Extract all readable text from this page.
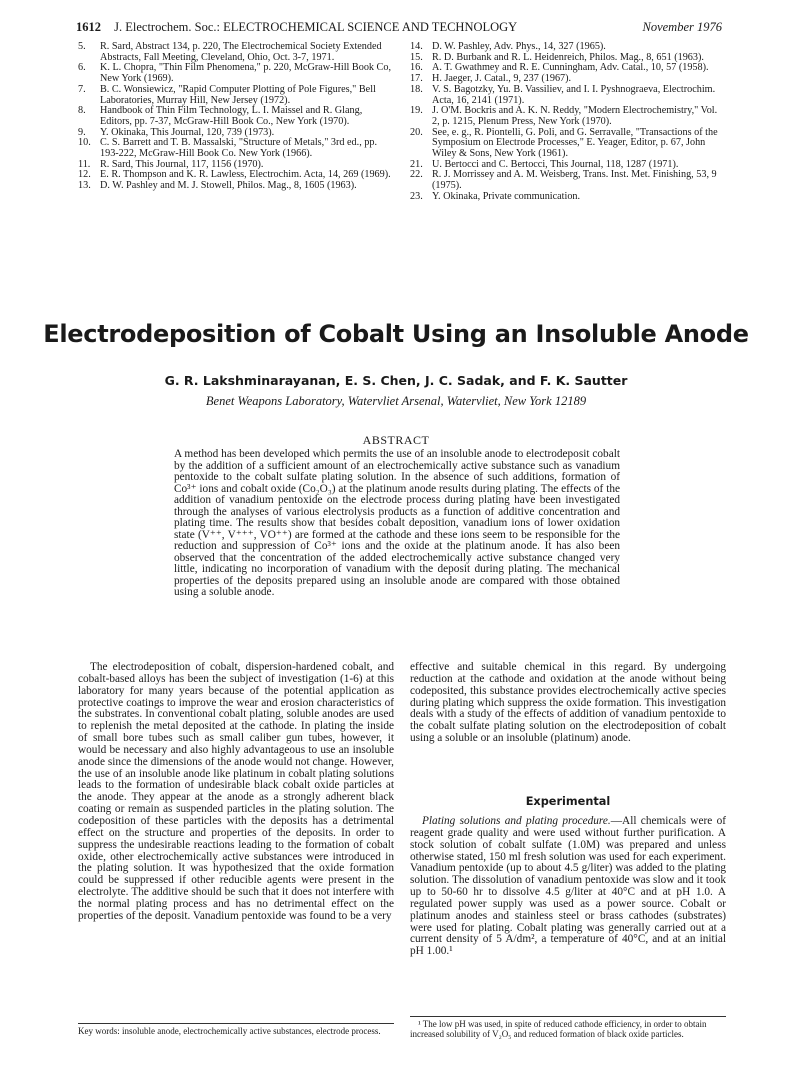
1612 J. Electrochem. Soc.: ELECTROCHEMICAL SCIENCE AND TECHNOLOGY	November 1976

5. R. Sard, Abstract 134, p. 220, The Electrochemical Society Extended Abstracts, Fall Meeting, Cleveland, Ohio, Oct. 3-7, 1971.

6. K. L. Chopra, "Thin Film Phenomena," p. 220, McGraw-Hill Book Co, New York (1969).

7. B. C. Wonsiewicz, "Rapid Computer Plotting of Pole Figures," Bell Laboratories, Murray Hill, New Jersey (1972).

8. Handbook of Thin Film Technology, L. I. Maissel and R. Glang, Editors, pp. 7-37, McGraw-Hill Book Co., New York (1970).

9. Y. Okinaka, This Journal, 120, 739 (1973).

10. C. S. Barrett and T. B. Massalski, "Structure of Metals," 3rd ed., pp. 193-222, McGraw-Hill Book Co. New York (1966).

11. R. Sard, This Journal, 117, 1156 (1970).

12. E. R. Thompson and K. R. Lawless, Electrochim. Acta, 14, 269 (1969).

13. D. W. Pashley and M. J. Stowell, Philos. Mag., 8, 1605 (1963).

14. D. W. Pashley, Adv. Phys., 14, 327 (1965).

15. R. D. Burbank and R. L. Heidenreich, Philos. Mag., 8, 651 (1963).

16. A. T. Gwathmey and R. E. Cunningham, Adv. Catal., 10, 57 (1958).

17. H. Jaeger, J. Catal., 9, 237 (1967).

18. V. S. Bagotzky, Yu. B. Vassiliev, and I. I. Pyshnograeva, Electrochim. Acta, 16, 2141 (1971).

19. J. O'M. Bockris and A. K. N. Reddy, "Modern Electrochemistry," Vol. 2, p. 1215, Plenum Press, New York (1970).

20. See, e. g., R. Piontelli, G. Poli, and G. Serravalle, "Transactions of the Symposium on Electrode Processes," E. Yeager, Editor, p. 67, John Wiley & Sons, New York (1961).

21. U. Bertocci and C. Bertocci, This Journal, 118, 1287 (1971).

22. R. J. Morrissey and A. M. Weisberg, Trans. Inst. Met. Finishing, 53, 9 (1975).

23. Y. Okinaka, Private communication.

Electrodeposition of Cobalt Using an Insoluble Anode
G. R. Lakshminarayanan, E. S. Chen, J. C. Sadak, and F. K. Sautter
Benet Weapons Laboratory, Watervliet Arsenal, Watervliet, New York 12189
ABSTRACT
A method has been developed which permits the use of an insoluble anode to electrodeposit cobalt by the addition of a sufficient amount of an electrochemically active substance such as vanadium pentoxide to the cobalt sulfate plating solution. In the absence of such additions, formation of Co³⁺ ions and cobalt oxide (Co₂O₃) at the platinum anode results during plating. The effects of the addition of vanadium pentoxide on the electrode process during plating have been investigated through the analyses of various electrolysis products as a function of additive concentration and plating time. The results show that besides cobalt deposition, vanadium ions of lower oxidation state (V⁺⁺, V⁺⁺⁺, VO⁺⁺) are formed at the cathode and these ions seem to be responsible for the reduction and suppression of Co³⁺ ions and the oxide at the platinum anode. It has also been observed that the concentration of the added electrochemically active substance changed very little, indicating no incorporation of vanadium with the deposit during plating. The mechanical properties of the deposits prepared using an insoluble anode are compared with those obtained using a soluble anode.

The electrodeposition of cobalt, dispersion-hardened cobalt, and cobalt-based alloys has been the subject of investigation (1-6) at this laboratory for many years because of the potential application as protective coatings to improve the wear and erosion characteristics of the substrates. In conventional cobalt plating, soluble anodes are used to replenish the metal deposited at the cathode. In plating the inside of small bore tubes such as small caliber gun tubes, however, it would be necessary and also highly advantageous to use an insoluble anode since the dimensions of the anode would not change. However, the use of an insoluble anode like platinum in cobalt plating solutions leads to the formation of undesirable black cobalt oxide particles at the anode. They appear at the anode as a strongly adherent black coating or remain as suspended particles in the plating solution. The codeposition of these particles with the deposits has a detrimental effect on the structure and properties of the deposits. In order to suppress the undesirable reactions leading to the formation of cobalt oxide, other electrochemically active substances were introduced in the plating solution. It was hypothesized that the oxide formation could be suppressed if other reducible agents were present in the electrolyte. The additive should be such that it does not interfere with the normal plating process and has no detrimental effect on the properties of the deposit. Vanadium pentoxide was found to be a very

Key words: insoluble anode, electrochemically active substances, electrode process.

effective and suitable chemical in this regard. By undergoing reduction at the cathode and oxidation at the anode without being codeposited, this substance provides electrochemically active species during plating which suppress the oxide formation. This investigation deals with a study of the effects of addition of vanadium pentoxide to the cobalt sulfate plating solution on the electrodeposition of cobalt using a soluble or an insoluble (platinum) anode.

Experimental

Plating solutions and plating procedure.—All chemicals were of reagent grade quality and were used without further purification. A stock solution of cobalt sulfate (1.0M) was prepared and unless otherwise stated, 150 ml fresh solution was used for each experiment. Vanadium pentoxide (up to about 4.5 g/liter) was added to the plating solution. The dissolution of vanadium pentoxide was slow and it took up to 50-60 hr to dissolve 4.5 g/liter at 40°C and at pH 1.0. A regulated power supply was used as a power source. Cobalt or platinum anodes and stainless steel or brass cathodes (substrates) were used for plating. Cobalt plating was generally carried out at a current density of 5 A/dm², a temperature of 40°C, and at an initial pH 1.00.¹

¹ The low pH was used, in spite of reduced cathode efficiency, in order to obtain increased solubility of V₂O₅ and reduced formation of black oxide particles.
